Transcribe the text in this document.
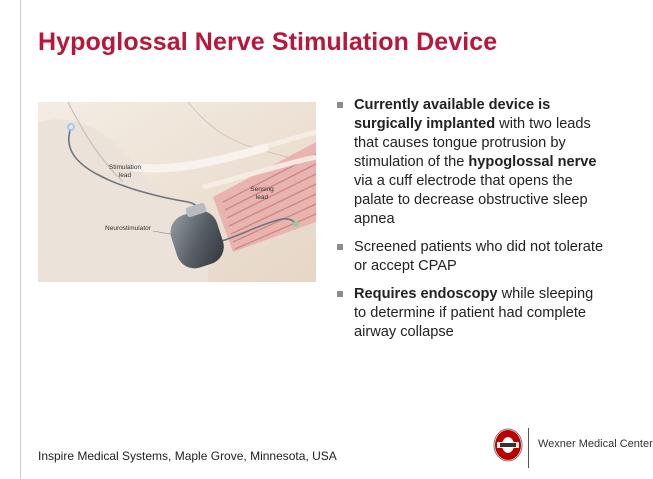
Hypoglossal Nerve Stimulation Device
Stimulation
lead
Sensing
lead
Neurostimulator
Currently available device is surgically implanted with two leads that causes tongue protrusion by stimulation of the hypoglossal nerve via a cuff electrode that opens the palate to decrease obstructive sleep apnea
Screened patients who did not tolerate or accept CPAP
Requires endoscopy while sleeping to determine if patient had complete airway collapse
Inspire Medical Systems, Maple Grove, Minnesota, USA
Wexner Medical Center
